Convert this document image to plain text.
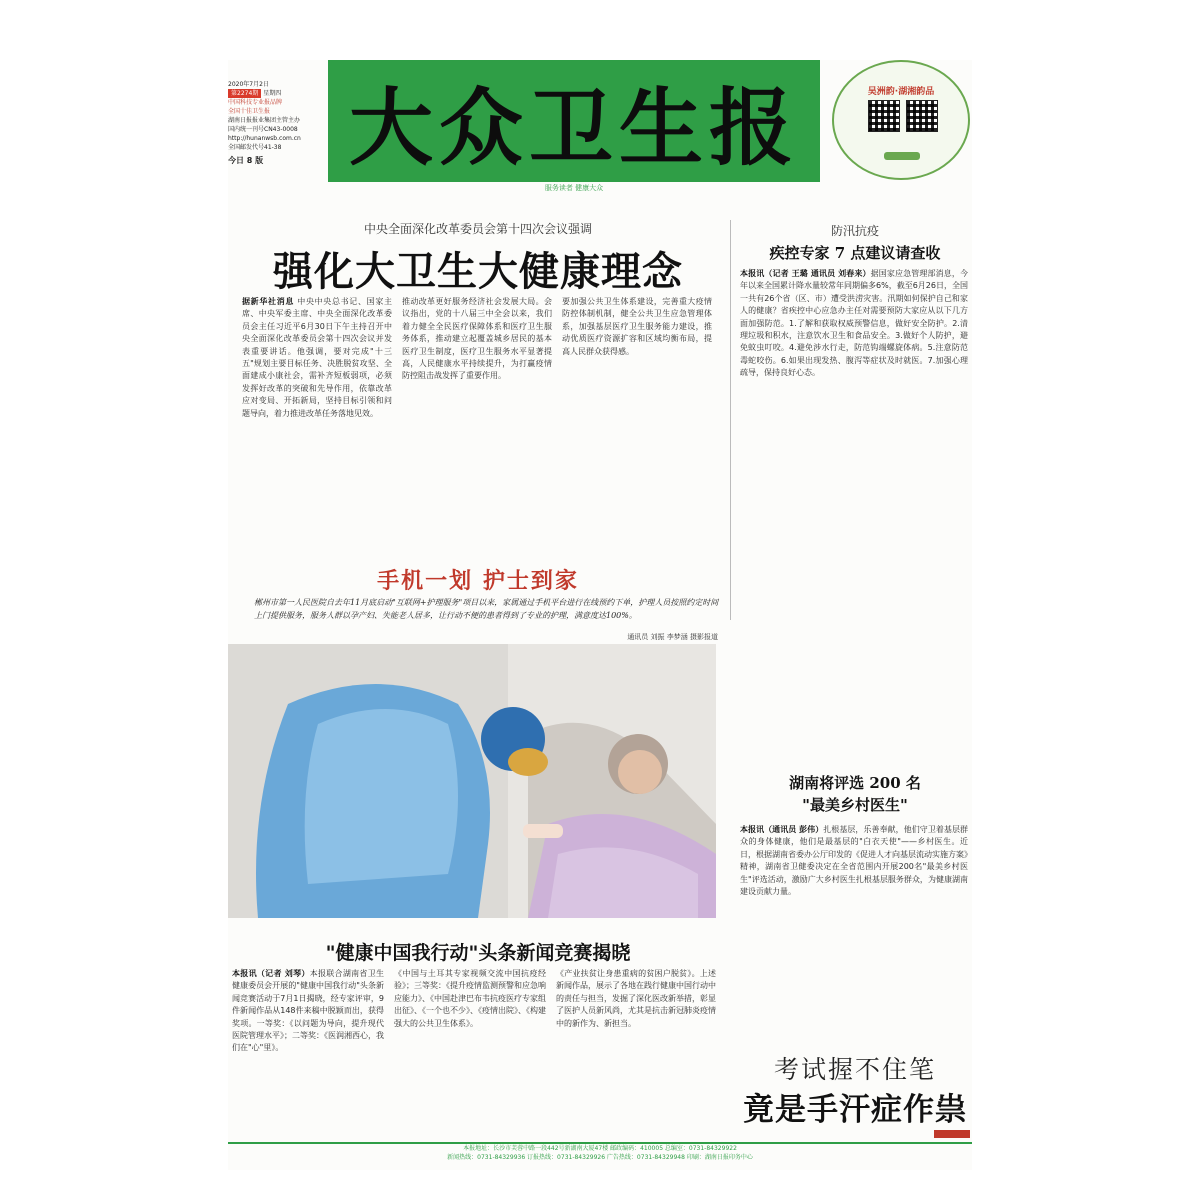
2020年7月2日
第2274期 星期四
中国科技专业报品牌
全国十佳卫生报
湖南日报报业集团主管主办
国内统一刊号CN43-0008
http://hunanwsb.com.cn
全国邮发代号41-38
今日 8 版	大众卫生报
服务读者 健康大众
吴洲韵·湖湘韵品
中央全面深化改革委员会第十四次会议强调
强化大卫生大健康理念
据新华社消息 中央中央总书记、国家主席、中央军委主席、中央全面深化改革委员会主任习近平6月30日下午主持召开中央全面深化改革委员会第十四次会议并发表重要讲话。他强调，要对完成"十三五"规划主要目标任务、决胜脱贫攻坚、全面建成小康社会，需补齐短板弱项，必须发挥好改革的突破和先导作用，依靠改革应对变局、开拓新局，坚持目标引领和问题导向，着力推进改革任务落地见效。
推动改革更好服务经济社会发展大局。会议指出，党的十八届三中全会以来，我们着力健全全民医疗保障体系和医疗卫生服务体系，推动建立起覆盖城乡居民的基本医疗卫生制度，医疗卫生服务水平显著提高，人民健康水平持续提升，为打赢疫情防控阻击战发挥了重要作用。
要加强公共卫生体系建设，完善重大疫情防控体制机制，健全公共卫生应急管理体系，加强基层医疗卫生服务能力建设，推动优质医疗资源扩容和区域均衡布局，提高人民群众获得感。
防汛抗疫
疾控专家 7 点建议请查收
本报讯（记者 王璐 通讯员 刘春来）据国家应急管理部消息，今年以来全国累计降水量较常年同期偏多6%，截至6月26日，全国一共有26个省（区、市）遭受洪涝灾害。汛期如何保护自己和家人的健康？省疾控中心应急办主任对需要预防大家应从以下几方面加强防范。1.了解和获取权威预警信息，做好安全防护。2.清理垃圾和积水，注意饮水卫生和食品安全。3.做好个人防护，避免蚊虫叮咬。4.避免涉水行走，防范钩端螺旋体病。5.注意防范毒蛇咬伤。6.如果出现发热、腹泻等症状及时就医。7.加强心理疏导，保持良好心态。
湖南将评选 200 名
"最美乡村医生"
本报讯（通讯员 彭伟）扎根基层，乐善奉献，他们守卫着基层群众的身体健康，他们是最基层的"白衣天使"——乡村医生。近日，根据湖南省委办公厅印发的《促进人才向基层流动实施方案》精神，湖南省卫健委决定在全省范围内开展200名"最美乡村医生"评选活动，激励广大乡村医生扎根基层服务群众，为健康湖南建设贡献力量。
手机一划 护士到家
郴州市第一人民医院自去年11月底启动"互联网+护理服务"项目以来，家属通过手机平台进行在线预约下单，护理人员按照约定时间上门提供服务，服务人群以孕产妇、失能老人居多，让行动不便的患者得到了专业的护理，满意度达100%。
通讯员 刘振 李梦涵 摄影报道
"健康中国我行动"头条新闻竞赛揭晓
本报讯（记者 刘琴）本报联合湖南省卫生健康委员会开展的"健康中国我行动"头条新闻竞赛活动于7月1日揭晓，经专家评审，9件新闻作品从148件来稿中脱颖而出，获得奖项。一等奖：《以问题为导向，提升现代医院管理水平》；二等奖：《医润湘西心，我们在"心"里》。
《中国与土耳其专家视频交流中国抗疫经验》；三等奖：《提升疫情监测预警和应急响应能力》、《中国赴津巴布韦抗疫医疗专家组出征》、《一个也不少》、《疫情出院》、《构建强大的公共卫生体系》。
《产业扶贫让身患重病的贫困户脱贫》。上述新闻作品，展示了各地在践行健康中国行动中的责任与担当，发掘了深化医改新举措，彰显了医护人员新风尚，尤其是抗击新冠肺炎疫情中的新作为、新担当。
考试握不住笔
竟是手汗症作祟
本报地址：长沙市芙蓉中路一段442号新湖南大厦47楼 邮政编码：410005 总编室：0731-84329922
新闻热线：0731-84329936 订报热线：0731-84329926 广告热线：0731-84329948 印刷：湖南日报印务中心
